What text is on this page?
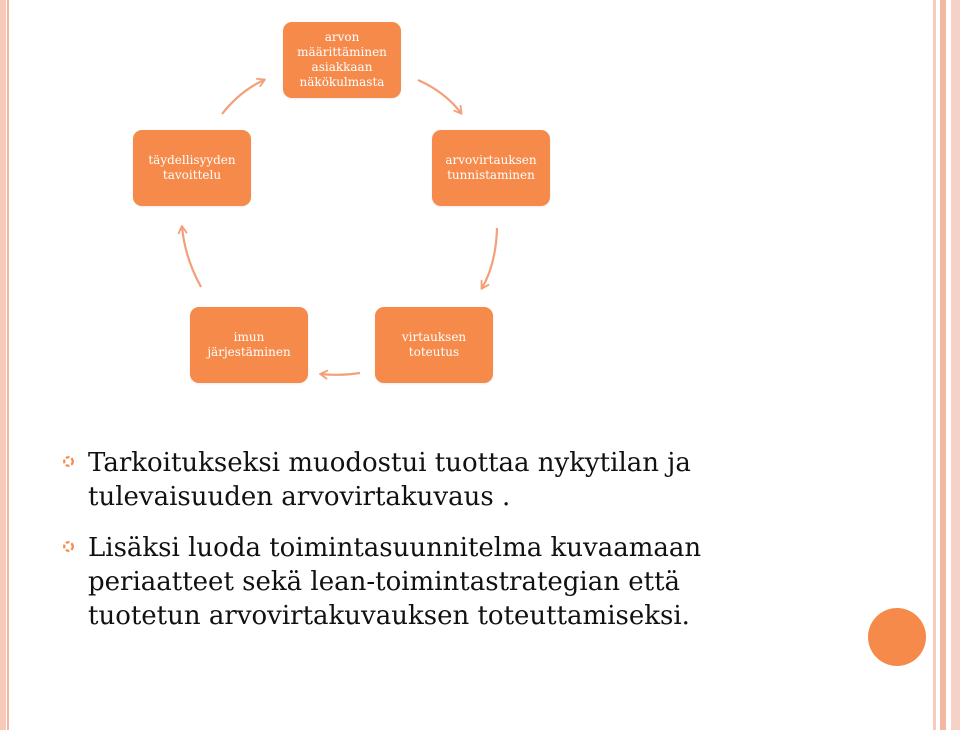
arvon
määrittäminen
asiakkaan
näkökulmasta
arvovirtauksen
tunnistaminen
virtauksen
toteutus
imun
järjestäminen
täydellisyyden
tavoittelu
Tarkoitukseksi muodostui tuottaa nykytilan ja
tulevaisuuden arvovirtakuvaus .
Lisäksi luoda toimintasuunnitelma kuvaamaan
periaatteet sekä lean-toimintastrategian että
tuotetun arvovirtakuvauksen toteuttamiseksi.
